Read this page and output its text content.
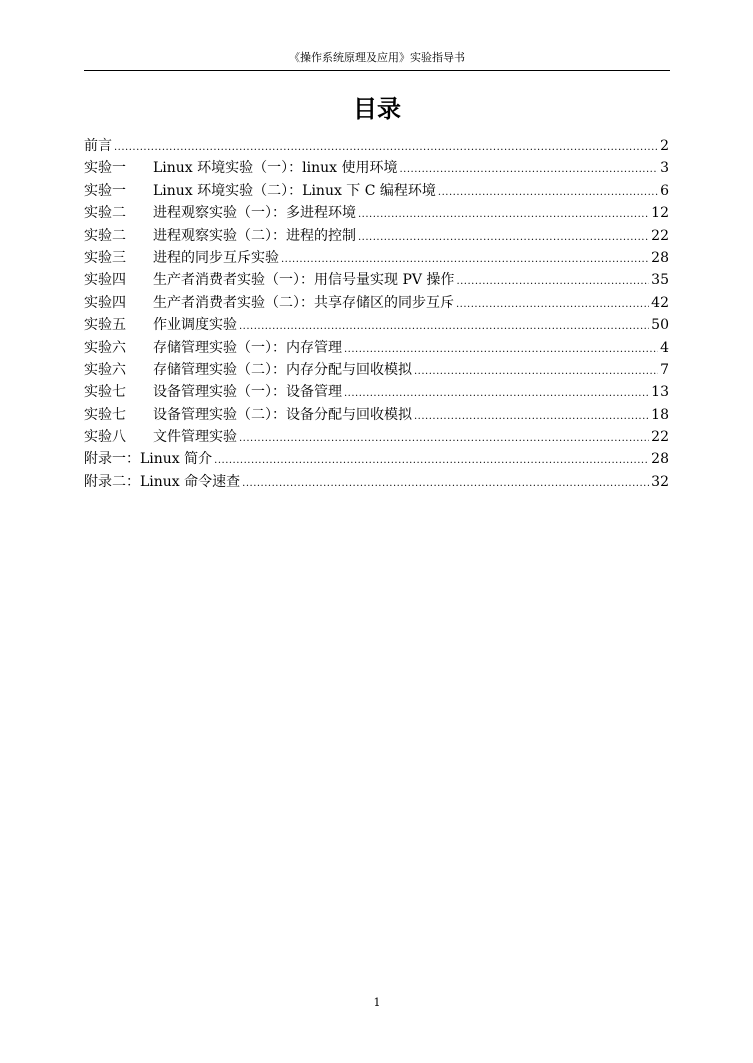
《操作系统原理及应用》实验指导书
目录
前言 .....	2
实验一	Linux 环境实验（一）：linux 使用环境 .....	3
实验一	Linux 环境实验（二）：Linux 下 C 编程环境 .....	6
实验二	进程观察实验（一）：多进程环境 .....	12
实验二	进程观察实验（二）：进程的控制 .....	22
实验三	进程的同步互斥实验 .....	28
实验四	生产者消费者实验（一）：用信号量实现 PV 操作 .....	35
实验四	生产者消费者实验（二）：共享存储区的同步互斥 .....	42
实验五	作业调度实验 .....	50
实验六	存储管理实验（一）：内存管理 .....	4
实验六	存储管理实验（二）：内存分配与回收模拟 .....	7
实验七	设备管理实验（一）：设备管理 .....	13
实验七	设备管理实验（二）：设备分配与回收模拟 .....	18
实验八	文件管理实验 .....	22
附录一：Linux 简介 .....	28
附录二：Linux 命令速查 .....	32
1
